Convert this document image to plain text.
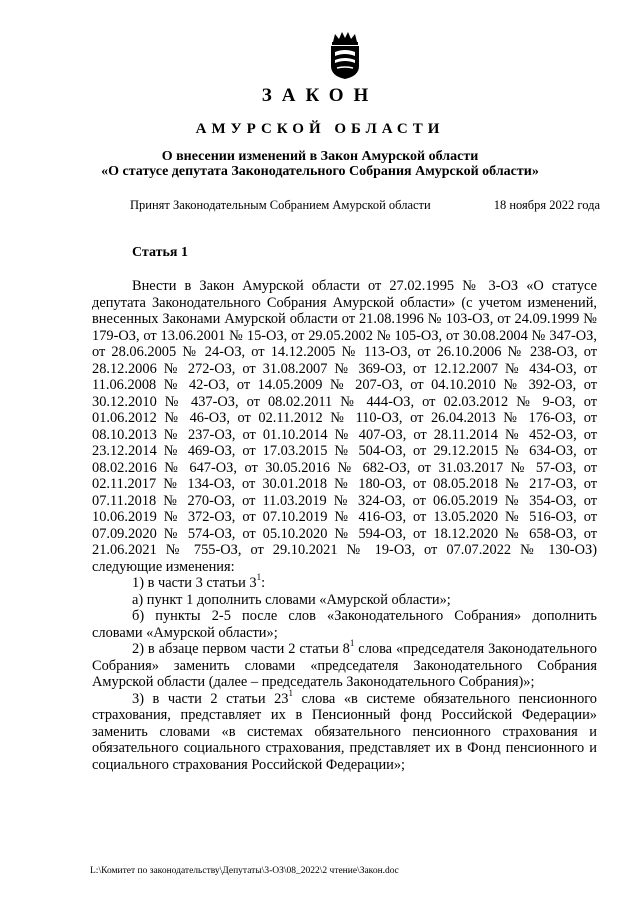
ЗАКОН
АМУРСКОЙ ОБЛАСТИ
О внесении изменений в Закон Амурской области
«О статусе депутата Законодательного Собрания Амурской области»
Принят Законодательным Собранием Амурской области	18 ноября 2022 года
Статья 1

Внести в Закон Амурской области от 27.02.1995 № 3-ОЗ «О статусе депутата Законодательного Собрания Амурской области» (с учетом изменений, внесенных Законами Амурской области от 21.08.1996 № 103-ОЗ, от 24.09.1999 № 179-ОЗ, от 13.06.2001 № 15-ОЗ, от 29.05.2002 № 105-ОЗ, от 30.08.2004 № 347-ОЗ, от 28.06.2005 № 24-ОЗ, от 14.12.2005 № 113-ОЗ, от 26.10.2006 № 238-ОЗ, от 28.12.2006 № 272-ОЗ, от 31.08.2007 № 369-ОЗ, от 12.12.2007 № 434-ОЗ, от 11.06.2008 № 42-ОЗ, от 14.05.2009 № 207-ОЗ, от 04.10.2010 № 392-ОЗ, от 30.12.2010 № 437-ОЗ, от 08.02.2011 № 444-ОЗ, от 02.03.2012 № 9-ОЗ, от 01.06.2012 № 46-ОЗ, от 02.11.2012 № 110-ОЗ, от 26.04.2013 № 176-ОЗ, от 08.10.2013 № 237-ОЗ, от 01.10.2014 № 407-ОЗ, от 28.11.2014 № 452-ОЗ, от 23.12.2014 № 469-ОЗ, от 17.03.2015 № 504-ОЗ, от 29.12.2015 № 634-ОЗ, от 08.02.2016 № 647-ОЗ, от 30.05.2016 № 682-ОЗ, от 31.03.2017 № 57-ОЗ, от 02.11.2017 № 134-ОЗ, от 30.01.2018 № 180-ОЗ, от 08.05.2018 № 217-ОЗ, от 07.11.2018 № 270-ОЗ, от 11.03.2019 № 324-ОЗ, от 06.05.2019 № 354-ОЗ, от 10.06.2019 № 372-ОЗ, от 07.10.2019 № 416-ОЗ, от 13.05.2020 № 516-ОЗ, от 07.09.2020 № 574-ОЗ, от 05.10.2020 № 594-ОЗ, от 18.12.2020 № 658-ОЗ, от 21.06.2021 № 755-ОЗ, от 29.10.2021 № 19-ОЗ, от 07.07.2022 № 130-ОЗ) следующие изменения:

1) в части 3 статьи $3^1$:

а) пункт 1 дополнить словами «Амурской области»;

б) пункты 2-5 после слов «Законодательного Собрания» дополнить словами «Амурской области»;

2) в абзаце первом части 2 статьи $8^1$ слова «председателя Законодательного Собрания» заменить словами «председателя Законодательного Собрания Амурской области (далее – председатель Законодательного Собрания)»;

3) в части 2 статьи $23^1$ слова «в системе обязательного пенсионного страхования, представляет их в Пенсионный фонд Российской Федерации» заменить словами «в системах обязательного пенсионного страхования и обязательного социального страхования, представляет их в Фонд пенсионного и социального страхования Российской Федерации»;

L:\Комитет по законодательству\Депутаты\3-ОЗ\08_2022\2 чтение\Закон.doc
